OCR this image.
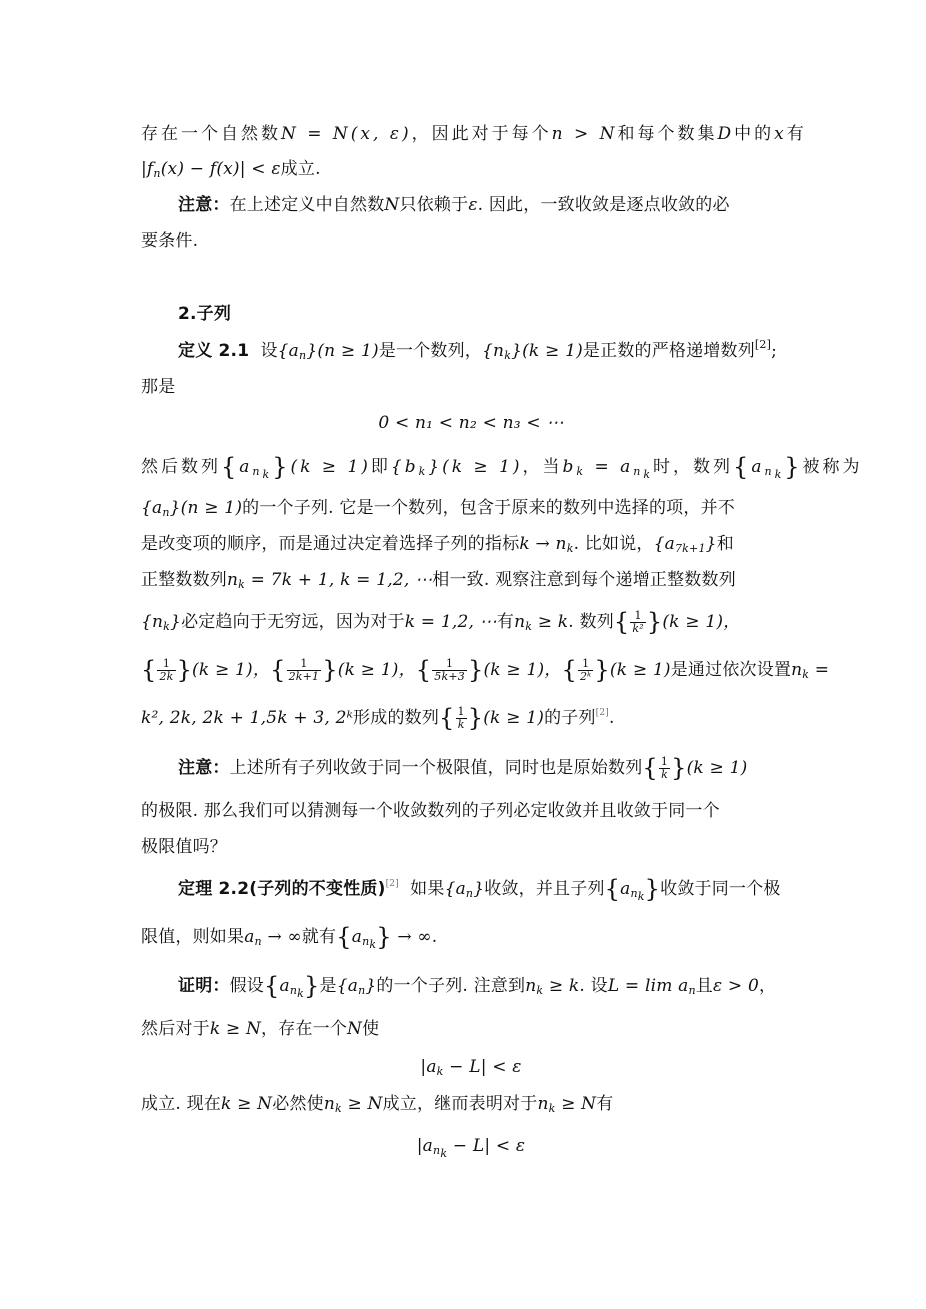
存在一个自然数N = N(x, ε)，因此对于每个n > N和每个数集D中的x有
$|f_n(x) - f(x)| < \varepsilon$成立.
注意：在上述定义中自然数N只依赖于ε. 因此，一致收敛是逐点收敛的必
要条件.
2.子列
定义 2.1 设$\{a_n\}(n \ge 1)$是一个数列，$\{n_k\}(k \ge 1)$是正数的严格递增数列[2];
那是
0 < n₁ < n₂ < n₃ < ⋯
然后数列$\{a_{n_k}\}(k \ge 1)$即$\{b_k\}(k \ge 1)$，当$b_k = a_{n_k}$时，数列$\{a_{n_k}\}$被称为
$\{a_n\}(n \ge 1)$的一个子列. 它是一个数列，包含于原来的数列中选择的项，并不
是改变项的顺序，而是通过决定着选择子列的指标$k \to n_k$. 比如说，$\{a_{7k+1}\}$和
正整数数列$n_k = 7k + 1$, k = 1,2, ⋯相一致. 观察注意到每个递增正整数数列
$\{n_k\}$必定趋向于无穷远，因为对于k = 1,2, ⋯有$n_k \ge k$. 数列{ $\frac{1}{\text{k²}} \}(k \ge 1)$，
{ $\frac{1}{2k} \}(k \ge 1)$，{ $\frac{1}{2k+1} \}(k \ge 1)$，{ $\frac{1}{5k+3} \}(k \ge 1)$，{ $\frac{1}{\text{2ᵏ}} \}(k \ge 1)$是通过依次设置$n_k$ =
k², 2k, 2k + 1,5k + 3, 2ᵏ形成的数列{ $\frac{1}{k} \}(k \ge 1)$的子列[2].
注意：上述所有子列收敛于同一个极限值，同时也是原始数列{ $\frac{1}{k} \}(k \ge 1)$
的极限. 那么我们可以猜测每一个收敛数列的子列必定收敛并且收敛于同一个
极限值吗？
定理 2.2(子列的不变性质)[2] 如果$\{a_n\}$收敛，并且子列$\{a_{n_k}\}$收敛于同一个极
限值，则如果$a_n$ → ∞就有$\{a_{n_k}\}$ → ∞.
证明：假设$\{a_{n_k}\}$是$\{a_n\}$的一个子列. 注意到$n_k \ge k$. 设$L = \lim a_n$且ε > 0，
然后对于k ≥ N，存在一个N使
$|a_k - L| < \varepsilon$
成立. 现在k ≥ N必然使$n_k \ge N$成立，继而表明对于$n_k \ge N$有
$|a_{n_k} - L| < \varepsilon$
